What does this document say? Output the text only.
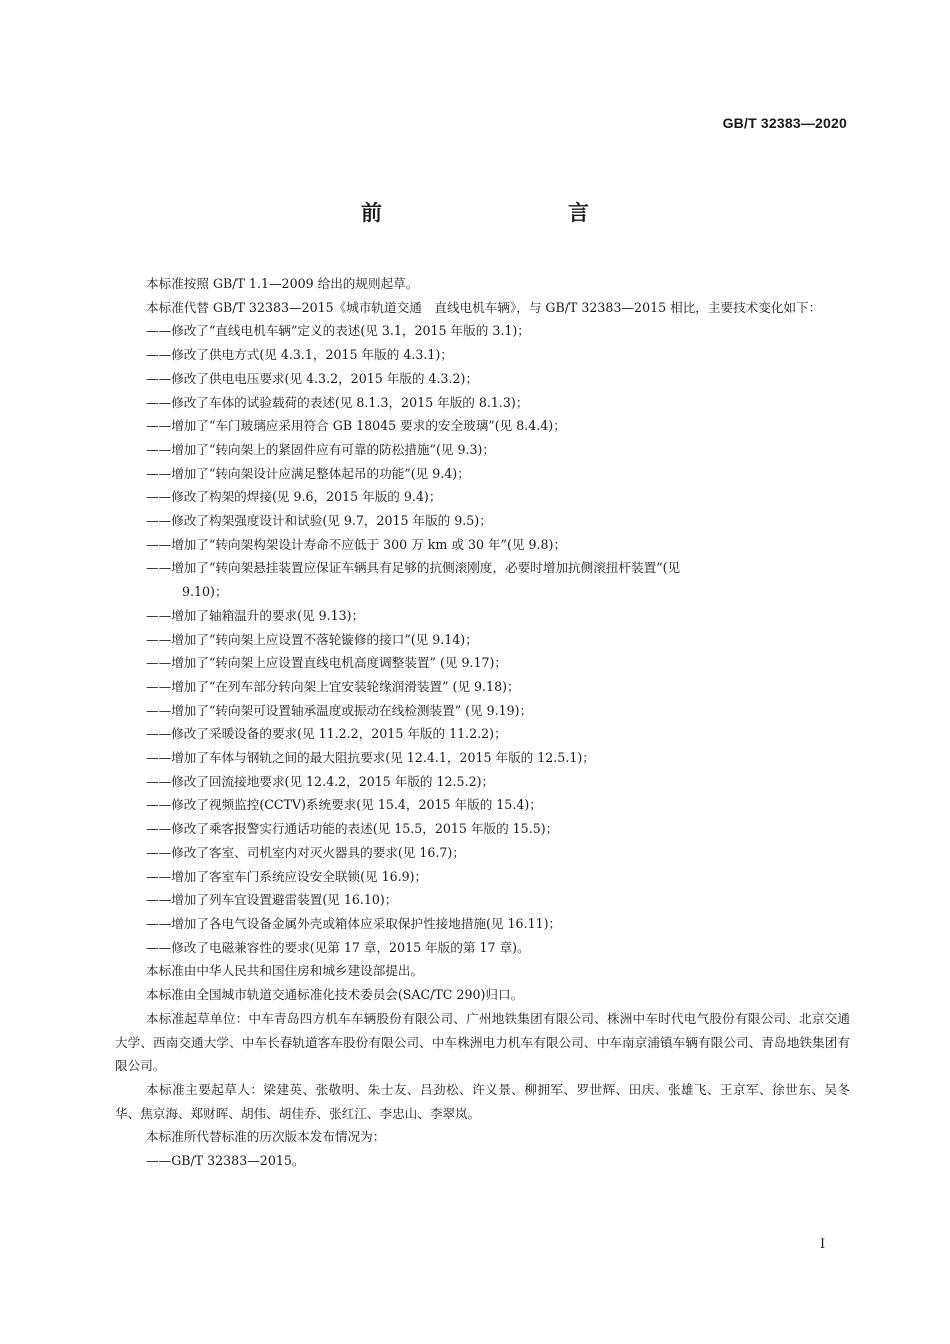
GB/T 32383—2020
前　　言
本标准按照 GB/T 1.1—2009 给出的规则起草。
本标准代替 GB/T 32383—2015《城市轨道交通　直线电机车辆》，与 GB/T 32383—2015 相比，主要技术变化如下：
——修改了“直线电机车辆”定义的表述(见 3.1，2015 年版的 3.1)；
——修改了供电方式(见 4.3.1，2015 年版的 4.3.1)；
——修改了供电电压要求(见 4.3.2，2015 年版的 4.3.2)；
——修改了车体的试验载荷的表述(见 8.1.3，2015 年版的 8.1.3)；
——增加了“车门玻璃应采用符合 GB 18045 要求的安全玻璃”(见 8.4.4)；
——增加了“转向架上的紧固件应有可靠的防松措施”(见 9.3)；
——增加了“转向架设计应满足整体起吊的功能”(见 9.4)；
——修改了构架的焊接(见 9.6，2015 年版的 9.4)；
——修改了构架强度设计和试验(见 9.7，2015 年版的 9.5)；
——增加了“转向架构架设计寿命不应低于 300 万 km 或 30 年”(见 9.8)；
——增加了“转向架悬挂装置应保证车辆具有足够的抗侧滚刚度，必要时增加抗侧滚扭杆装置”(见
9.10)；
——增加了轴箱温升的要求(见 9.13)；
——增加了“转向架上应设置不落轮镟修的接口”(见 9.14)；
——增加了“转向架上应设置直线电机高度调整装置” (见 9.17)；
——增加了“在列车部分转向架上宜安装轮缘润滑装置” (见 9.18)；
——增加了“转向架可设置轴承温度或振动在线检测装置” (见 9.19)；
——修改了采暖设备的要求(见 11.2.2，2015 年版的 11.2.2)；
——增加了车体与钢轨之间的最大阻抗要求(见 12.4.1，2015 年版的 12.5.1)；
——修改了回流接地要求(见 12.4.2，2015 年版的 12.5.2)；
——修改了视频监控(CCTV)系统要求(见 15.4，2015 年版的 15.4)；
——修改了乘客报警实行通话功能的表述(见 15.5，2015 年版的 15.5)；
——修改了客室、司机室内对灭火器具的要求(见 16.7)；
——增加了客室车门系统应设安全联锁(见 16.9)；
——增加了列车宜设置避雷装置(见 16.10)；
——增加了各电气设备金属外壳或箱体应采取保护性接地措施(见 16.11)；
——修改了电磁兼容性的要求(见第 17 章，2015 年版的第 17 章)。
本标准由中华人民共和国住房和城乡建设部提出。
本标准由全国城市轨道交通标准化技术委员会(SAC/TC 290)归口。
本标准起草单位：中车青岛四方机车车辆股份有限公司、广州地铁集团有限公司、株洲中车时代电气股份有限公司、北京交通大学、西南交通大学、中车长春轨道客车股份有限公司、中车株洲电力机车有限公司、中车南京浦镇车辆有限公司、青岛地铁集团有限公司。
本标准主要起草人：梁建英、张敬明、朱士友、吕劲松、许义景、柳拥军、罗世辉、田庆、张雄飞、王京军、徐世东、吴冬华、焦京海、郑财晖、胡伟、胡佳乔、张红江、李忠山、李翠岚。
本标准所代替标准的历次版本发布情况为：
——GB/T 32383—2015。
I
